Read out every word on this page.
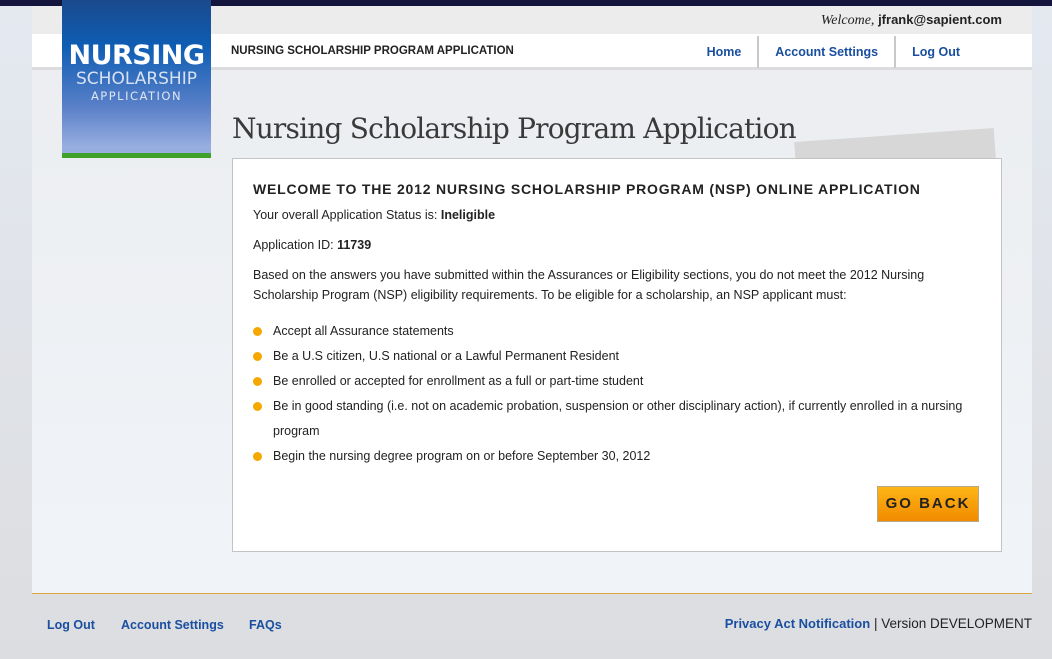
Welcome, jfrank@sapient.com
NURSING SCHOLARSHIP PROGRAM APPLICATION	Home	Account Settings	Log Out
NURSING
SCHOLARSHIP
APPLICATION
Nursing Scholarship Program Application
WELCOME TO THE 2012 NURSING SCHOLARSHIP PROGRAM (NSP) ONLINE APPLICATION

Your overall Application Status is: Ineligible

Application ID: 11739

Based on the answers you have submitted within the Assurances or Eligibility sections, you do not meet the 2012 Nursing Scholarship Program (NSP) eligibility requirements. To be eligible for a scholarship, an NSP applicant must:

Accept all Assurance statements
Be a U.S citizen, U.S national or a Lawful Permanent Resident
Be enrolled or accepted for enrollment as a full or part-time student
Be in good standing (i.e. not on academic probation, suspension or other disciplinary action), if currently enrolled in a nursing program
Begin the nursing degree program on or before September 30, 2012
GO BACK
Log Out Account Settings FAQs	Privacy Act Notification | Version DEVELOPMENT
